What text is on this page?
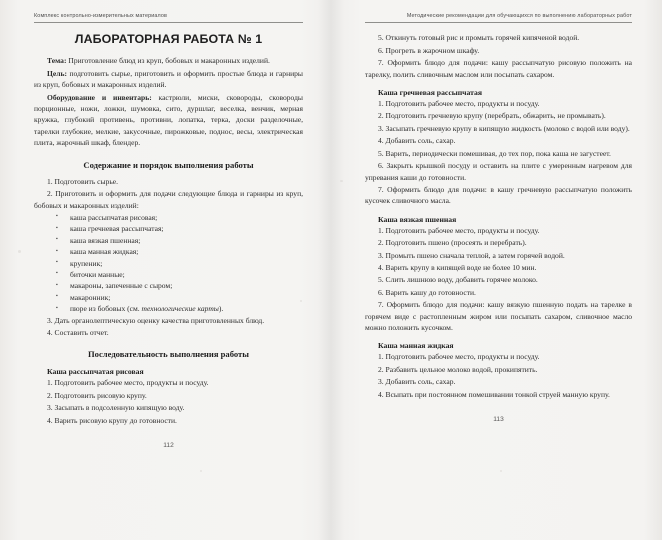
Комплекс контрольно-измерительных материалов
ЛАБОРАТОРНАЯ РАБОТА № 1

Тема: Приготовление блюд из круп, бобовых и макаронных изделий.

Цель: подготовить сырье, приготовить и оформить простые блюда и гарниры из круп, бобовых и макаронных изделий.

Оборудование и инвентарь: кастрюли, миски, сковороды, сковороды порционные, ножи, ложки, шумовка, сито, дуршлаг, веселка, венчик, мерная кружка, глубокий противень, противни, лопатка, терка, доски разделочные, тарелки глубокие, мелкие, закусочные, пирожковые, поднос, весы, электрическая плита, жарочный шкаф, блендер.

Содержание и порядок выполнения работы

1. Подготовить сырье.

2. Приготовить и оформить для подачи следующие блюда и гарниры из круп, бобовых и макаронных изделий:

▪ каша рассыпчатая рисовая;
▪ каша гречневая рассыпчатая;
▪ каша вязкая пшенная;
▪ каша манная жидкая;
▪ крупеник;
▪ биточки манные;
▪ макароны, запеченные с сыром;
▪ макаронник;
▪ пюре из бобовых (см. технологические карты).

3. Дать органолептическую оценку качества приготовленных блюд.

4. Составить отчет.

Последовательность выполнения работы
Каша рассыпчатая рисовая

1. Подготовить рабочее место, продукты и посуду.

2. Подготовить рисовую крупу.

3. Засыпать в подсоленную кипящую воду.

4. Варить рисовую крупу до готовности.

112
Методические рекомендации для обучающихся по выполнению лабораторных работ

5. Откинуть готовый рис и промыть горячей кипяченой водой.

6. Прогреть в жарочном шкафу.

7. Оформить блюдо для подачи: кашу рассыпчатую рисовую положить на тарелку, полить сливочным маслом или посыпать сахаром.

Каша гречневая рассыпчатая

1. Подготовить рабочее место, продукты и посуду.

2. Подготовить гречневую крупу (перебрать, обжарить, не промывать).

3. Засыпать гречневую крупу в кипящую жидкость (молоко с водой или воду).

4. Добавить соль, сахар.

5. Варить, периодически помешивая, до тех пор, пока каша не загустеет.

6. Закрыть крышкой посуду и оставить на плите с умеренным нагревом для упревания каши до готовности.

7. Оформить блюдо для подачи: в кашу гречневую рассыпчатую положить кусочек сливочного масла.

Каша вязкая пшенная

1. Подготовить рабочее место, продукты и посуду.

2. Подготовить пшено (просеять и перебрать).

3. Промыть пшено сначала теплой, а затем горячей водой.

4. Варить крупу в кипящей воде не более 10 мин.

5. Слить лишнюю воду, добавить горячее молоко.

6. Варить кашу до готовности.

7. Оформить блюдо для подачи: кашу вязкую пшенную подать на тарелке в горячем виде с растопленным жиром или посыпать сахаром, сливочное масло можно положить кусочком.

Каша манная жидкая

1. Подготовить рабочее место, продукты и посуду.

2. Разбавить цельное молоко водой, прокипятить.

3. Добавить соль, сахар.

4. Всыпать при постоянном помешивании тонкой струей манную крупу.

113
